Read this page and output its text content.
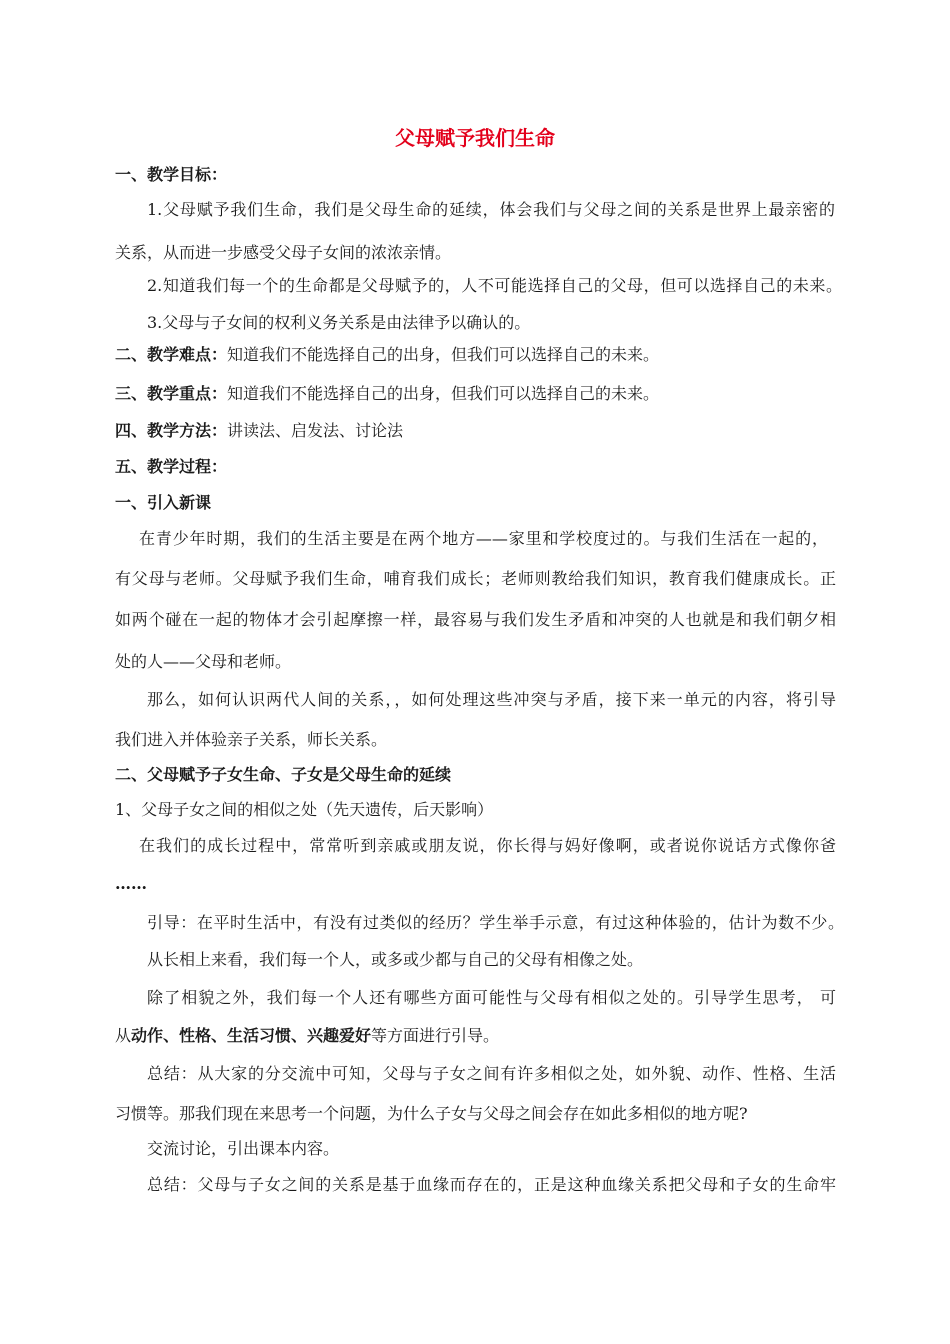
父母赋予我们生命
一、教学目标：
1.父母赋予我们生命，我们是父母生命的延续，体会我们与父母之间的关系是世界上最亲密的
关系，从而进一步感受父母子女间的浓浓亲情。
2.知道我们每一个的生命都是父母赋予的，人不可能选择自己的父母，但可以选择自己的未来。
3.父母与子女间的权利义务关系是由法律予以确认的。
二、教学难点：知道我们不能选择自己的出身，但我们可以选择自己的未来。
三、教学重点：知道我们不能选择自己的出身，但我们可以选择自己的未来。
四、教学方法：讲读法、启发法、讨论法
五、教学过程：
一、引入新课
在青少年时期，我们的生活主要是在两个地方——家里和学校度过的。与我们生活在一起的，
有父母与老师。父母赋予我们生命，哺育我们成长；老师则教给我们知识，教育我们健康成长。正
如两个碰在一起的物体才会引起摩擦一样，最容易与我们发生矛盾和冲突的人也就是和我们朝夕相
处的人——父母和老师。
那么，如何认识两代人间的关系，，如何处理这些冲突与矛盾，接下来一单元的内容，将引导
我们进入并体验亲子关系，师长关系。
二、父母赋予子女生命、子女是父母生命的延续
1、父母子女之间的相似之处（先天遗传，后天影响）
在我们的成长过程中，常常听到亲戚或朋友说，你长得与妈好像啊，或者说你说话方式像你爸
……
引导：在平时生活中，有没有过类似的经历？学生举手示意，有过这种体验的，估计为数不少。
从长相上来看，我们每一个人，或多或少都与自己的父母有相像之处。
除了相貌之外，我们每一个人还有哪些方面可能性与父母有相似之处的。引导学生思考， 可
从动作、性格、生活习惯、兴趣爱好等方面进行引导。
总结：从大家的分交流中可知，父母与子女之间有许多相似之处，如外貌、动作、性格、生活
习惯等。那我们现在来思考一个问题，为什么子女与父母之间会存在如此多相似的地方呢?
交流讨论，引出课本内容。
总结：父母与子女之间的关系是基于血缘而存在的，正是这种血缘关系把父母和子女的生命牢
